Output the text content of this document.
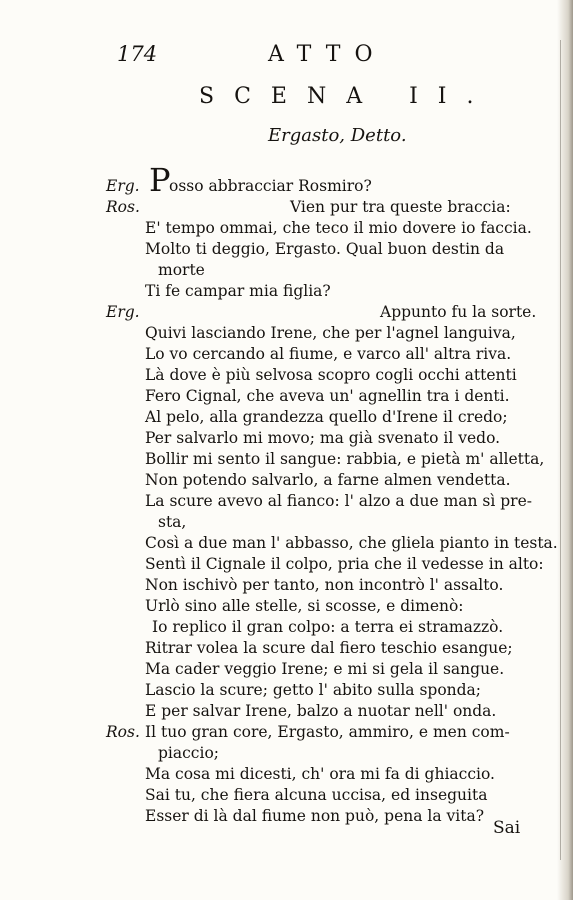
174	ATTO
SCENA II.
Ergasto, Detto.
Erg. P
osso abbracciar Rosmiro?
Ros.	Vien pur tra queste braccia:
E' tempo ommai, che teco il mio dovere io faccia.
Molto ti deggio, Ergasto. Qual buon destin da
morte
Ti fe campar mia figlia?
Erg.	Appunto fu la sorte.
Quivi lasciando Irene, che per l'agnel languiva,
Lo vo cercando al fiume, e varco all' altra riva.
Là dove è più selvosa scopro cogli occhi attenti
Fero Cignal, che aveva un' agnellin tra i denti.
Al pelo, alla grandezza quello d'Irene il credo;
Per salvarlo mi movo; ma già svenato il vedo.
Bollir mi sento il sangue: rabbia, e pietà m' alletta,
Non potendo salvarlo, a farne almen vendetta.
La scure avevo al fianco: l' alzo a due man sì pre-
sta,
Così a due man l' abbasso, che gliela pianto in testa.
Sentì il Cignale il colpo, pria che il vedesse in alto:
Non ischivò per tanto, non incontrò l' assalto.
Urlò sino alle stelle, si scosse, e dimenò:
Io replico il gran colpo: a terra ei stramazzò.
Ritrar volea la scure dal fiero teschio esangue;
Ma cader veggio Irene; e mi si gela il sangue.
Lascio la scure; getto l' abito sulla sponda;
E per salvar Irene, balzo a nuotar nell' onda.
Ros. Il tuo gran core, Ergasto, ammiro, e men com-
piaccio;
Ma cosa mi dicesti, ch' ora mi fa di ghiaccio.
Sai tu, che fiera alcuna uccisa, ed inseguita
Esser di là dal fiume non può, pena la vita?
Sai
